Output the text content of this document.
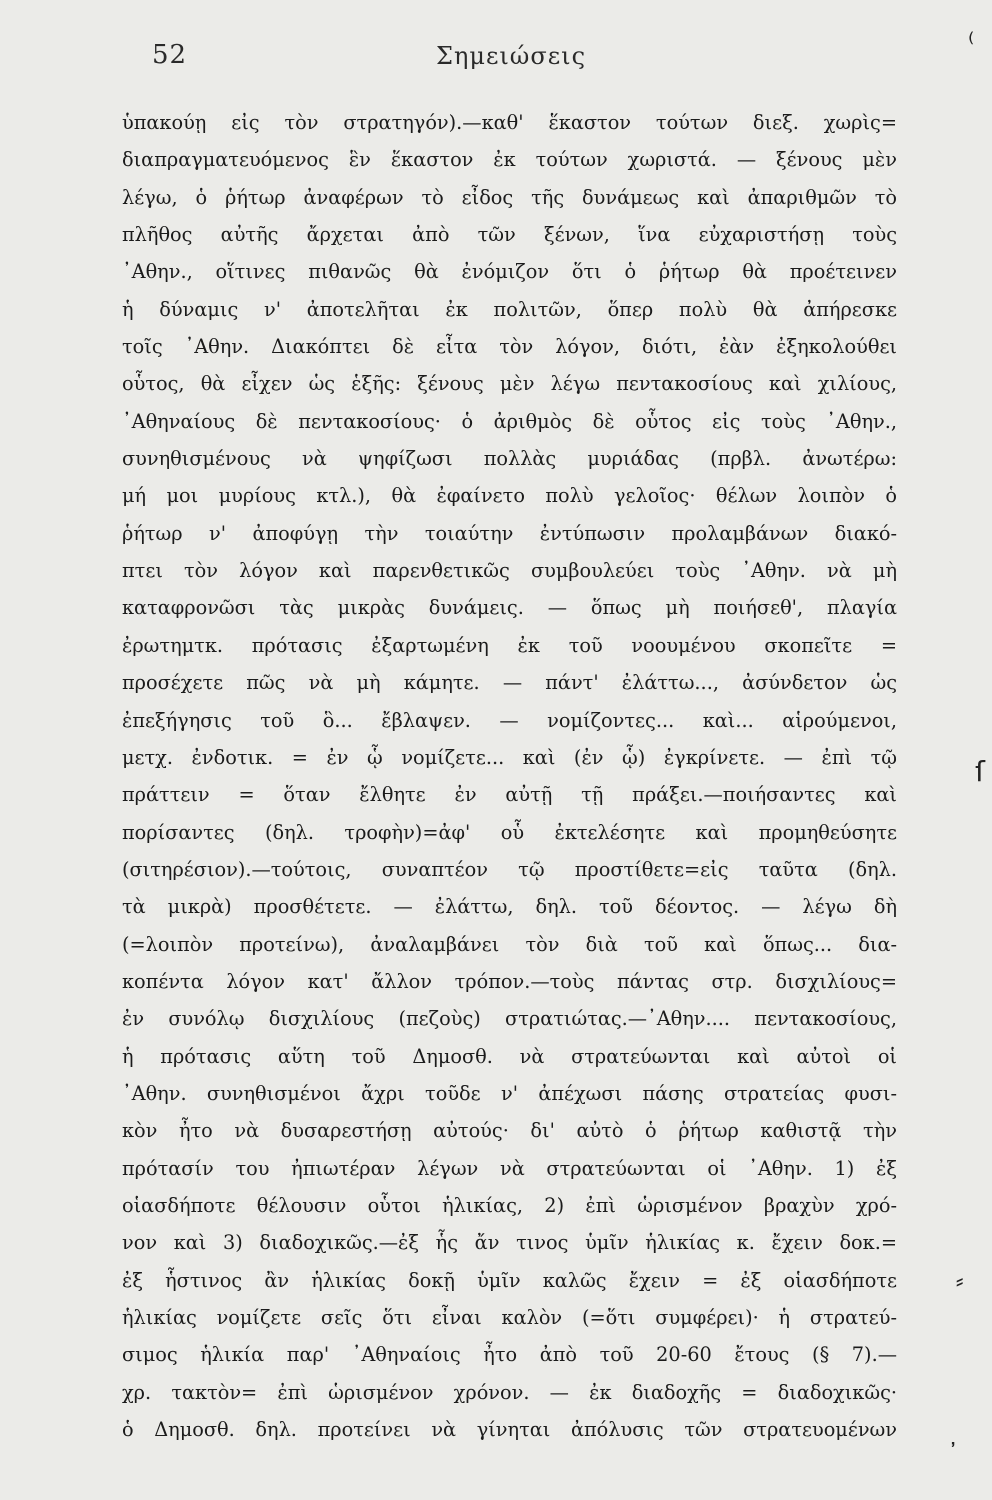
52	Σημειώσεις
ὑπακούῃ εἰς τὸν στρατηγόν).—καθ' ἕκαστον τούτων διεξ. χωρὶς=
διαπραγματευόμενος ἓν ἕκαστον ἐκ τούτων χωριστά. — ξένους μὲν
λέγω, ὁ ῥήτωρ ἀναφέρων τὸ εἶδος τῆς δυνάμεως καὶ ἀπαριθμῶν τὸ
πλῆθος αὐτῆς ἄρχεται ἀπὸ τῶν ξένων, ἵνα εὐχαριστήσῃ τοὺς
᾿Αθην., οἵτινες πιθανῶς θὰ ἐνόμιζον ὅτι ὁ ῥήτωρ θὰ προέτεινεν
ἡ δύναμις ν' ἀποτελῆται ἐκ πολιτῶν, ὅπερ πολὺ θὰ ἀπήρεσκε
τοῖς ᾿Αθην. Διακόπτει δὲ εἶτα τὸν λόγον, διότι, ἐὰν ἐξηκολούθει
οὗτος, θὰ εἶχεν ὡς ἑξῆς: ξένους μὲν λέγω πεντακοσίους καὶ χιλίους,
᾿Αθηναίους δὲ πεντακοσίους· ὁ ἀριθμὸς δὲ οὗτος εἰς τοὺς ᾿Αθην.,
συνηθισμένους νὰ ψηφίζωσι πολλὰς μυριάδας (πρβλ. ἀνωτέρω:
μή μοι μυρίους κτλ.), θὰ ἐφαίνετο πολὺ γελοῖος· θέλων λοιπὸν ὁ
ῥήτωρ ν' ἀποφύγῃ τὴν τοιαύτην ἐντύπωσιν προλαμβάνων διακό-
πτει τὸν λόγον καὶ παρενθετικῶς συμβουλεύει τοὺς ᾿Αθην. νὰ μὴ
καταφρονῶσι τὰς μικρὰς δυνάμεις. — ὅπως μὴ ποιήσεθ', πλαγία
ἐρωτημτκ. πρότασις ἐξαρτωμένη ἐκ τοῦ νοουμένου σκοπεῖτε =
προσέχετε πῶς νὰ μὴ κάμητε. — πάντ' ἐλάττω..., ἀσύνδετον ὡς
ἐπεξήγησις τοῦ ὃ... ἔβλαψεν. — νομίζοντες... καὶ... αἱρούμενοι,
μετχ. ἐνδοτικ. = ἐν ᾧ νομίζετε... καὶ (ἐν ᾧ) ἐγκρίνετε. — ἐπὶ τῷ
πράττειν = ὅταν ἔλθητε ἐν αὐτῇ τῇ πράξει.—ποιήσαντες καὶ
πορίσαντες (δηλ. τροφὴν)=ἀφ' οὗ ἐκτελέσητε καὶ προμηθεύσητε
(σιτηρέσιον).—τούτοις, συναπτέον τῷ προστίθετε=εἰς ταῦτα (δηλ.
τὰ μικρὰ) προσθέτετε. — ἐλάττω, δηλ. τοῦ δέοντος. — λέγω δὴ
(=λοιπὸν προτείνω), ἀναλαμβάνει τὸν διὰ τοῦ καὶ ὅπως... δια-
κοπέντα λόγον κατ' ἄλλον τρόπον.—τοὺς πάντας στρ. δισχιλίους=
ἐν συνόλῳ δισχιλίους (πεζοὺς) στρατιώτας.—᾿Αθην.... πεντακοσίους,
ἡ πρότασις αὕτη τοῦ Δημοσθ. νὰ στρατεύωνται καὶ αὐτοὶ οἱ
᾿Αθην. συνηθισμένοι ἄχρι τοῦδε ν' ἀπέχωσι πάσης στρατείας φυσι-
κὸν ἦτο νὰ δυσαρεστήσῃ αὐτούς· δι' αὐτὸ ὁ ῥήτωρ καθιστᾷ τὴν
πρότασίν του ἠπιωτέραν λέγων νὰ στρατεύωνται οἱ ᾿Αθην. 1) ἐξ
οἱασδήποτε θέλουσιν οὗτοι ἡλικίας, 2) ἐπὶ ὡρισμένον βραχὺν χρό-
νον καὶ 3) διαδοχικῶς.—ἐξ ἧς ἄν τινος ὑμῖν ἡλικίας κ. ἔχειν δοκ.=
ἐξ ἧστινος ἂν ἡλικίας δοκῇ ὑμῖν καλῶς ἔχειν = ἐξ οἱασδήποτε
ἡλικίας νομίζετε σεῖς ὅτι εἶναι καλὸν (=ὅτι συμφέρει)· ἡ στρατεύ-
σιμος ἡλικία παρ' ᾿Αθηναίοις ἦτο ἀπὸ τοῦ 20-60 ἔτους (§ 7).—
χρ. τακτὸν= ἐπὶ ὡρισμένον χρόνον. — ἐκ διαδοχῆς = διαδοχικῶς·
ὁ Δημοσθ. δηλ. προτείνει νὰ γίνηται ἀπόλυσις τῶν στρατευομένων
⁽
ſ
⸗
